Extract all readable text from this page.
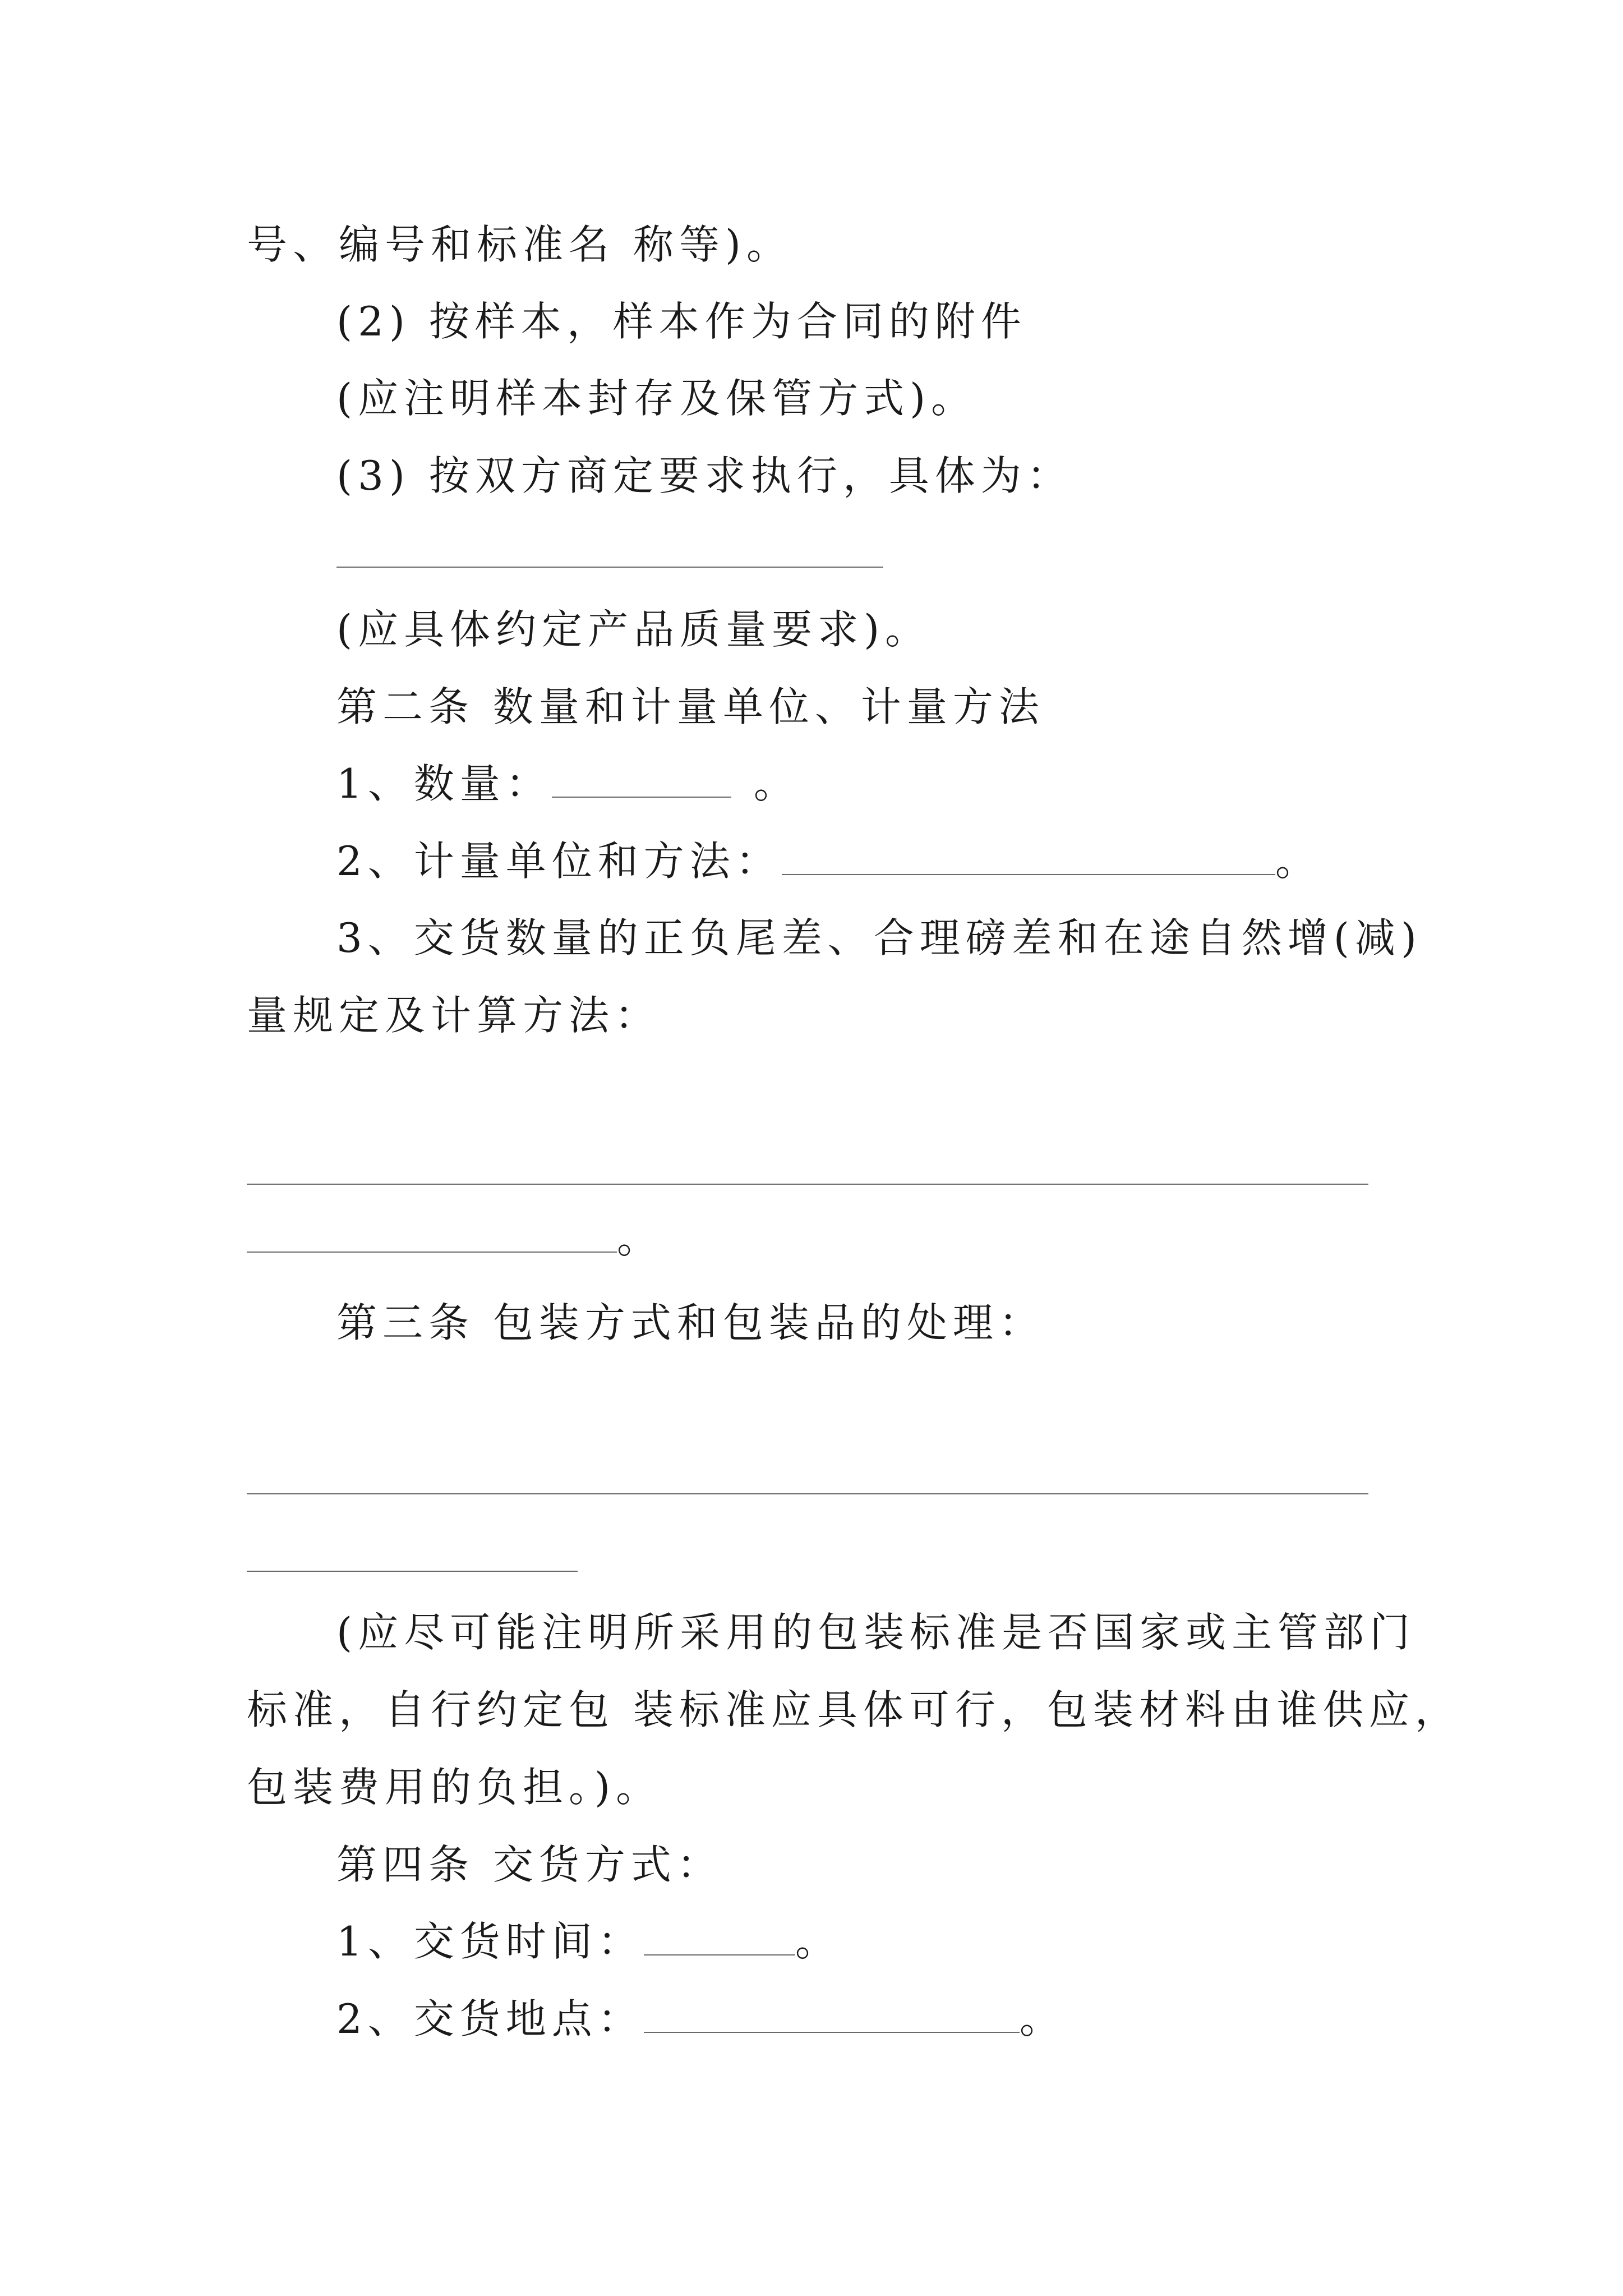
号、编号和标准名 称等)。
(2) 按样本，样本作为合同的附件
(应注明样本封存及保管方式)。
(3) 按双方商定要求执行，具体为：
(应具体约定产品质量要求)。
第二条 数量和计量单位、计量方法
1、数量：	。
2、计量单位和方法：	。
3、交货数量的正负尾差、合理磅差和在途自然增(减)
量规定及计算方法：
。
第三条 包装方式和包装品的处理：
(应尽可能注明所采用的包装标准是否国家或主管部门
标准，自行约定包 装标准应具体可行，包装材料由谁供应，
包装费用的负担。)。
第四条 交货方式：
1、交货时间：	。
2、交货地点：	。
